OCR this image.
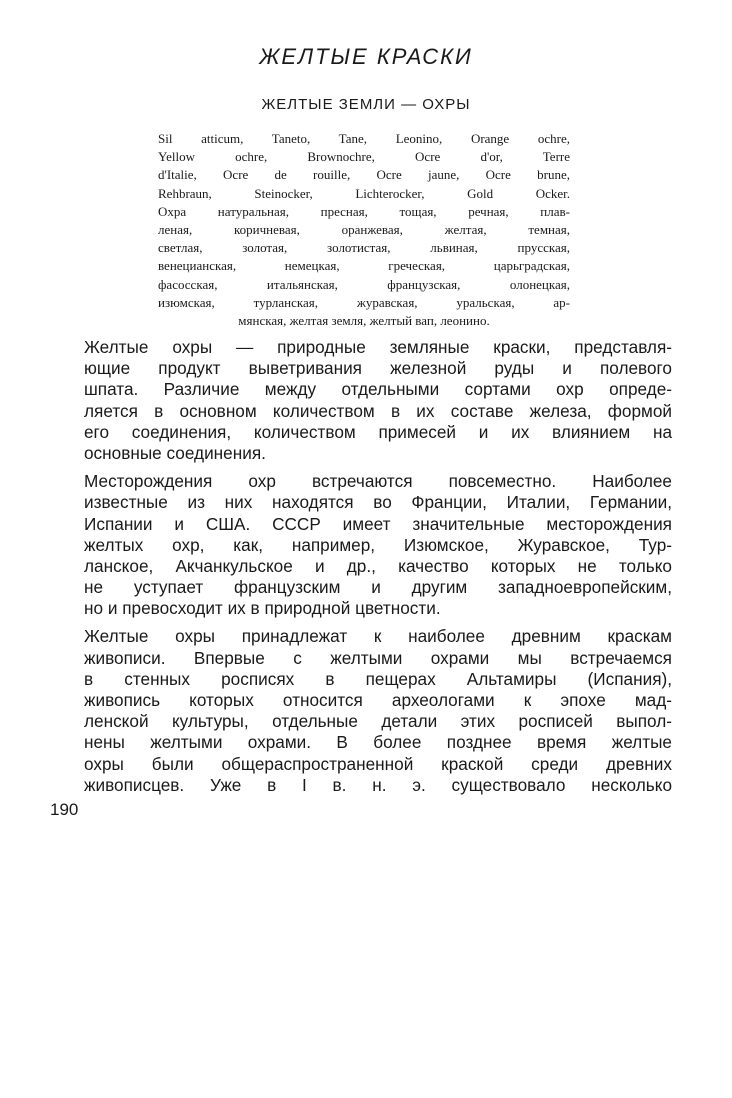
ЖЕЛТЫЕ КРАСКИ
ЖЕЛТЫЕ ЗЕМЛИ — ОХРЫ
Sil atticum, Taneto, Tane, Leonino, Orange ochre,
Yellow ochre, Brownochre, Ocre d'or, Terre
d'Italie, Ocre de rouille, Ocre jaune, Ocre brune,
Rehbraun, Steinocker, Lichterocker, Gold Ocker.
Охра натуральная, пресная, тощая, речная, плав-
леная, коричневая, оранжевая, желтая, темная,
светлая, золотая, золотистая, львиная, прусская,
венецианская, немецкая, греческая, царьградская,
фасосская, итальянская, французская, олонецкая,
изюмская, турланская, журавская, уральская, ар-
мянская, желтая земля, желтый вап, леонино.
Желтые охры — природные земляные краски, представля-
ющие продукт выветривания железной руды и полевого
шпата. Различие между отдельными сортами охр опреде-
ляется в основном количеством в их составе железа, формой
его соединения, количеством примесей и их влиянием на
основные соединения.
Месторождения охр встречаются повсеместно. Наиболее
известные из них находятся во Франции, Италии, Германии,
Испании и США. СССР имеет значительные месторождения
желтых охр, как, например, Изюмское, Журавское, Тур-
ланское, Акчанкульское и др., качество которых не только
не уступает французским и другим западноевропейским,
но и превосходит их в природной цветности.
Желтые охры принадлежат к наиболее древним краскам
живописи. Впервые с желтыми охрами мы встречаемся
в стенных росписях в пещерах Альтамиры (Испания),
живопись которых относится археологами к эпохе мад-
ленской культуры, отдельные детали этих росписей выпол-
нены желтыми охрами. В более позднее время желтые
охры были общераспространенной краской среди древних
живописцев. Уже в I в. н. э. существовало несколько
190
